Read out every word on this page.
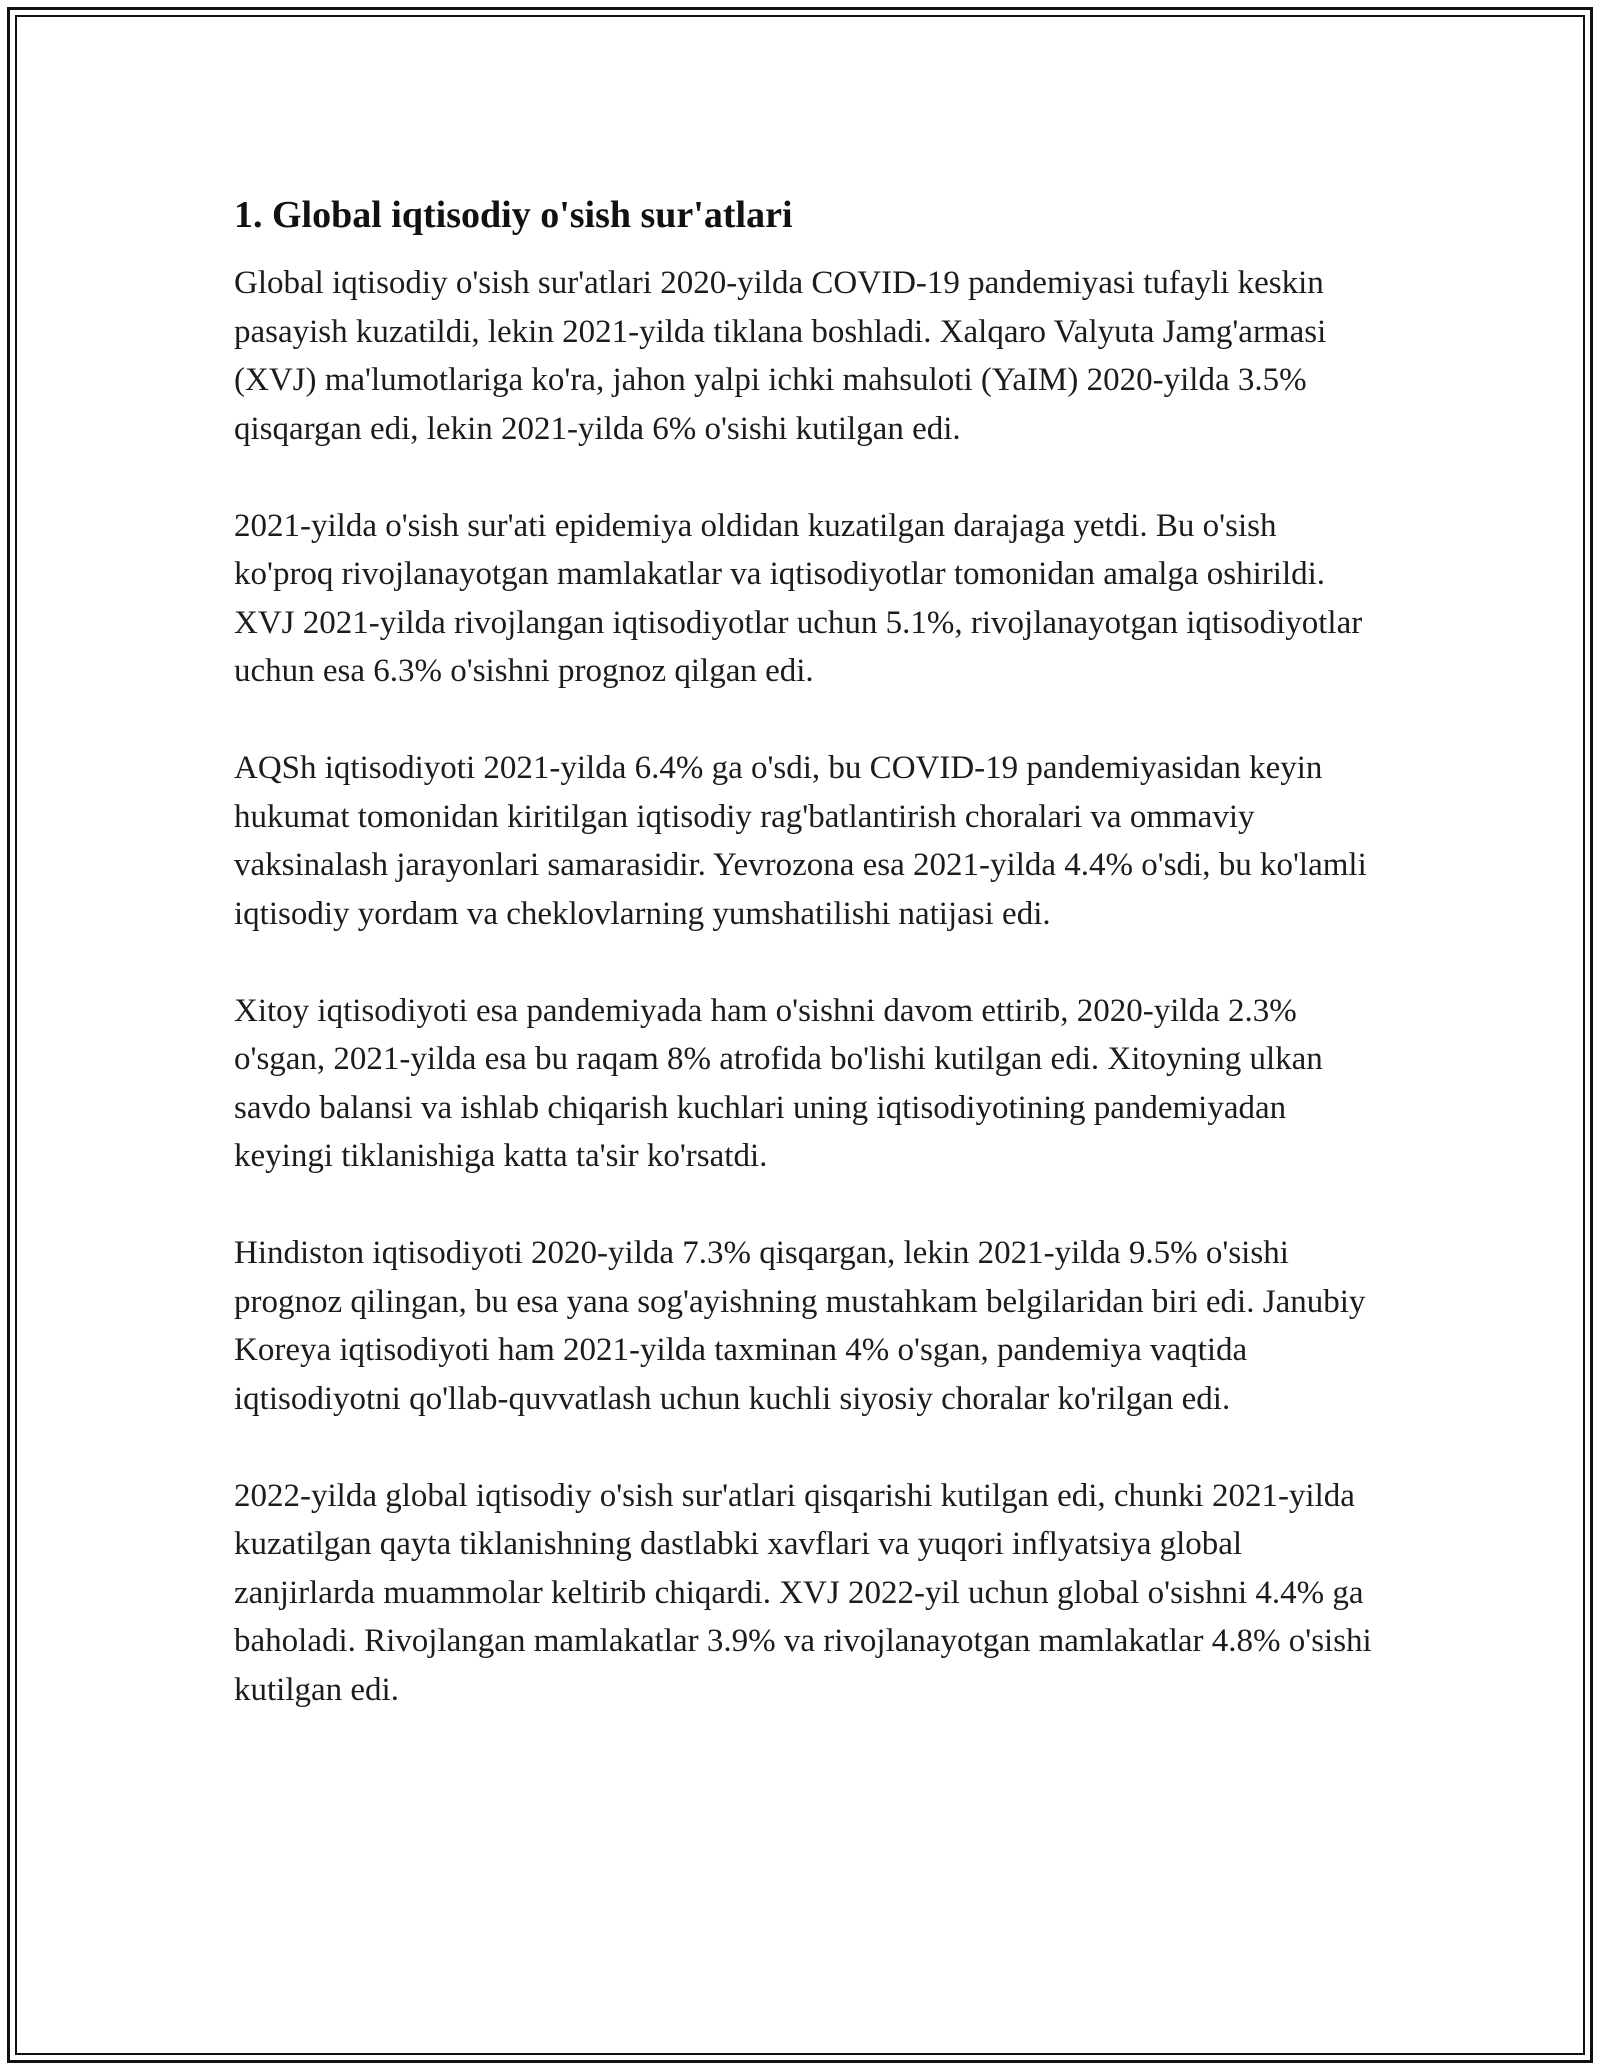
1. Global iqtisodiy o'sish sur'atlari

Global iqtisodiy o'sish sur'atlari 2020-yilda COVID-19 pandemiyasi tufayli keskin pasayish kuzatildi, lekin 2021-yilda tiklana boshladi. Xalqaro Valyuta Jamg'armasi (XVJ) ma'lumotlariga ko'ra, jahon yalpi ichki mahsuloti (YaIM) 2020-yilda 3.5% qisqargan edi, lekin 2021-yilda 6% o'sishi kutilgan edi.

2021-yilda o'sish sur'ati epidemiya oldidan kuzatilgan darajaga yetdi. Bu o'sish ko'proq rivojlanayotgan mamlakatlar va iqtisodiyotlar tomonidan amalga oshirildi. XVJ 2021-yilda rivojlangan iqtisodiyotlar uchun 5.1%, rivojlanayotgan iqtisodiyotlar uchun esa 6.3% o'sishni prognoz qilgan edi.

AQSh iqtisodiyoti 2021-yilda 6.4% ga o'sdi, bu COVID-19 pandemiyasidan keyin hukumat tomonidan kiritilgan iqtisodiy rag'batlantirish choralari va ommaviy vaksinalash jarayonlari samarasidir. Yevrozona esa 2021-yilda 4.4% o'sdi, bu ko'lamli iqtisodiy yordam va cheklovlarning yumshatilishi natijasi edi.

Xitoy iqtisodiyoti esa pandemiyada ham o'sishni davom ettirib, 2020-yilda 2.3% o'sgan, 2021-yilda esa bu raqam 8% atrofida bo'lishi kutilgan edi. Xitoyning ulkan savdo balansi va ishlab chiqarish kuchlari uning iqtisodiyotining pandemiyadan keyingi tiklanishiga katta ta'sir ko'rsatdi.

Hindiston iqtisodiyoti 2020-yilda 7.3% qisqargan, lekin 2021-yilda 9.5% o'sishi prognoz qilingan, bu esa yana sog'ayishning mustahkam belgilaridan biri edi. Janubiy Koreya iqtisodiyoti ham 2021-yilda taxminan 4% o'sgan, pandemiya vaqtida iqtisodiyotni qo'llab-quvvatlash uchun kuchli siyosiy choralar ko'rilgan edi.

2022-yilda global iqtisodiy o'sish sur'atlari qisqarishi kutilgan edi, chunki 2021-yilda kuzatilgan qayta tiklanishning dastlabki xavflari va yuqori inflyatsiya global zanjirlarda muammolar keltirib chiqardi. XVJ 2022-yil uchun global o'sishni 4.4% ga baholadi. Rivojlangan mamlakatlar 3.9% va rivojlanayotgan mamlakatlar 4.8% o'sishi kutilgan edi.
